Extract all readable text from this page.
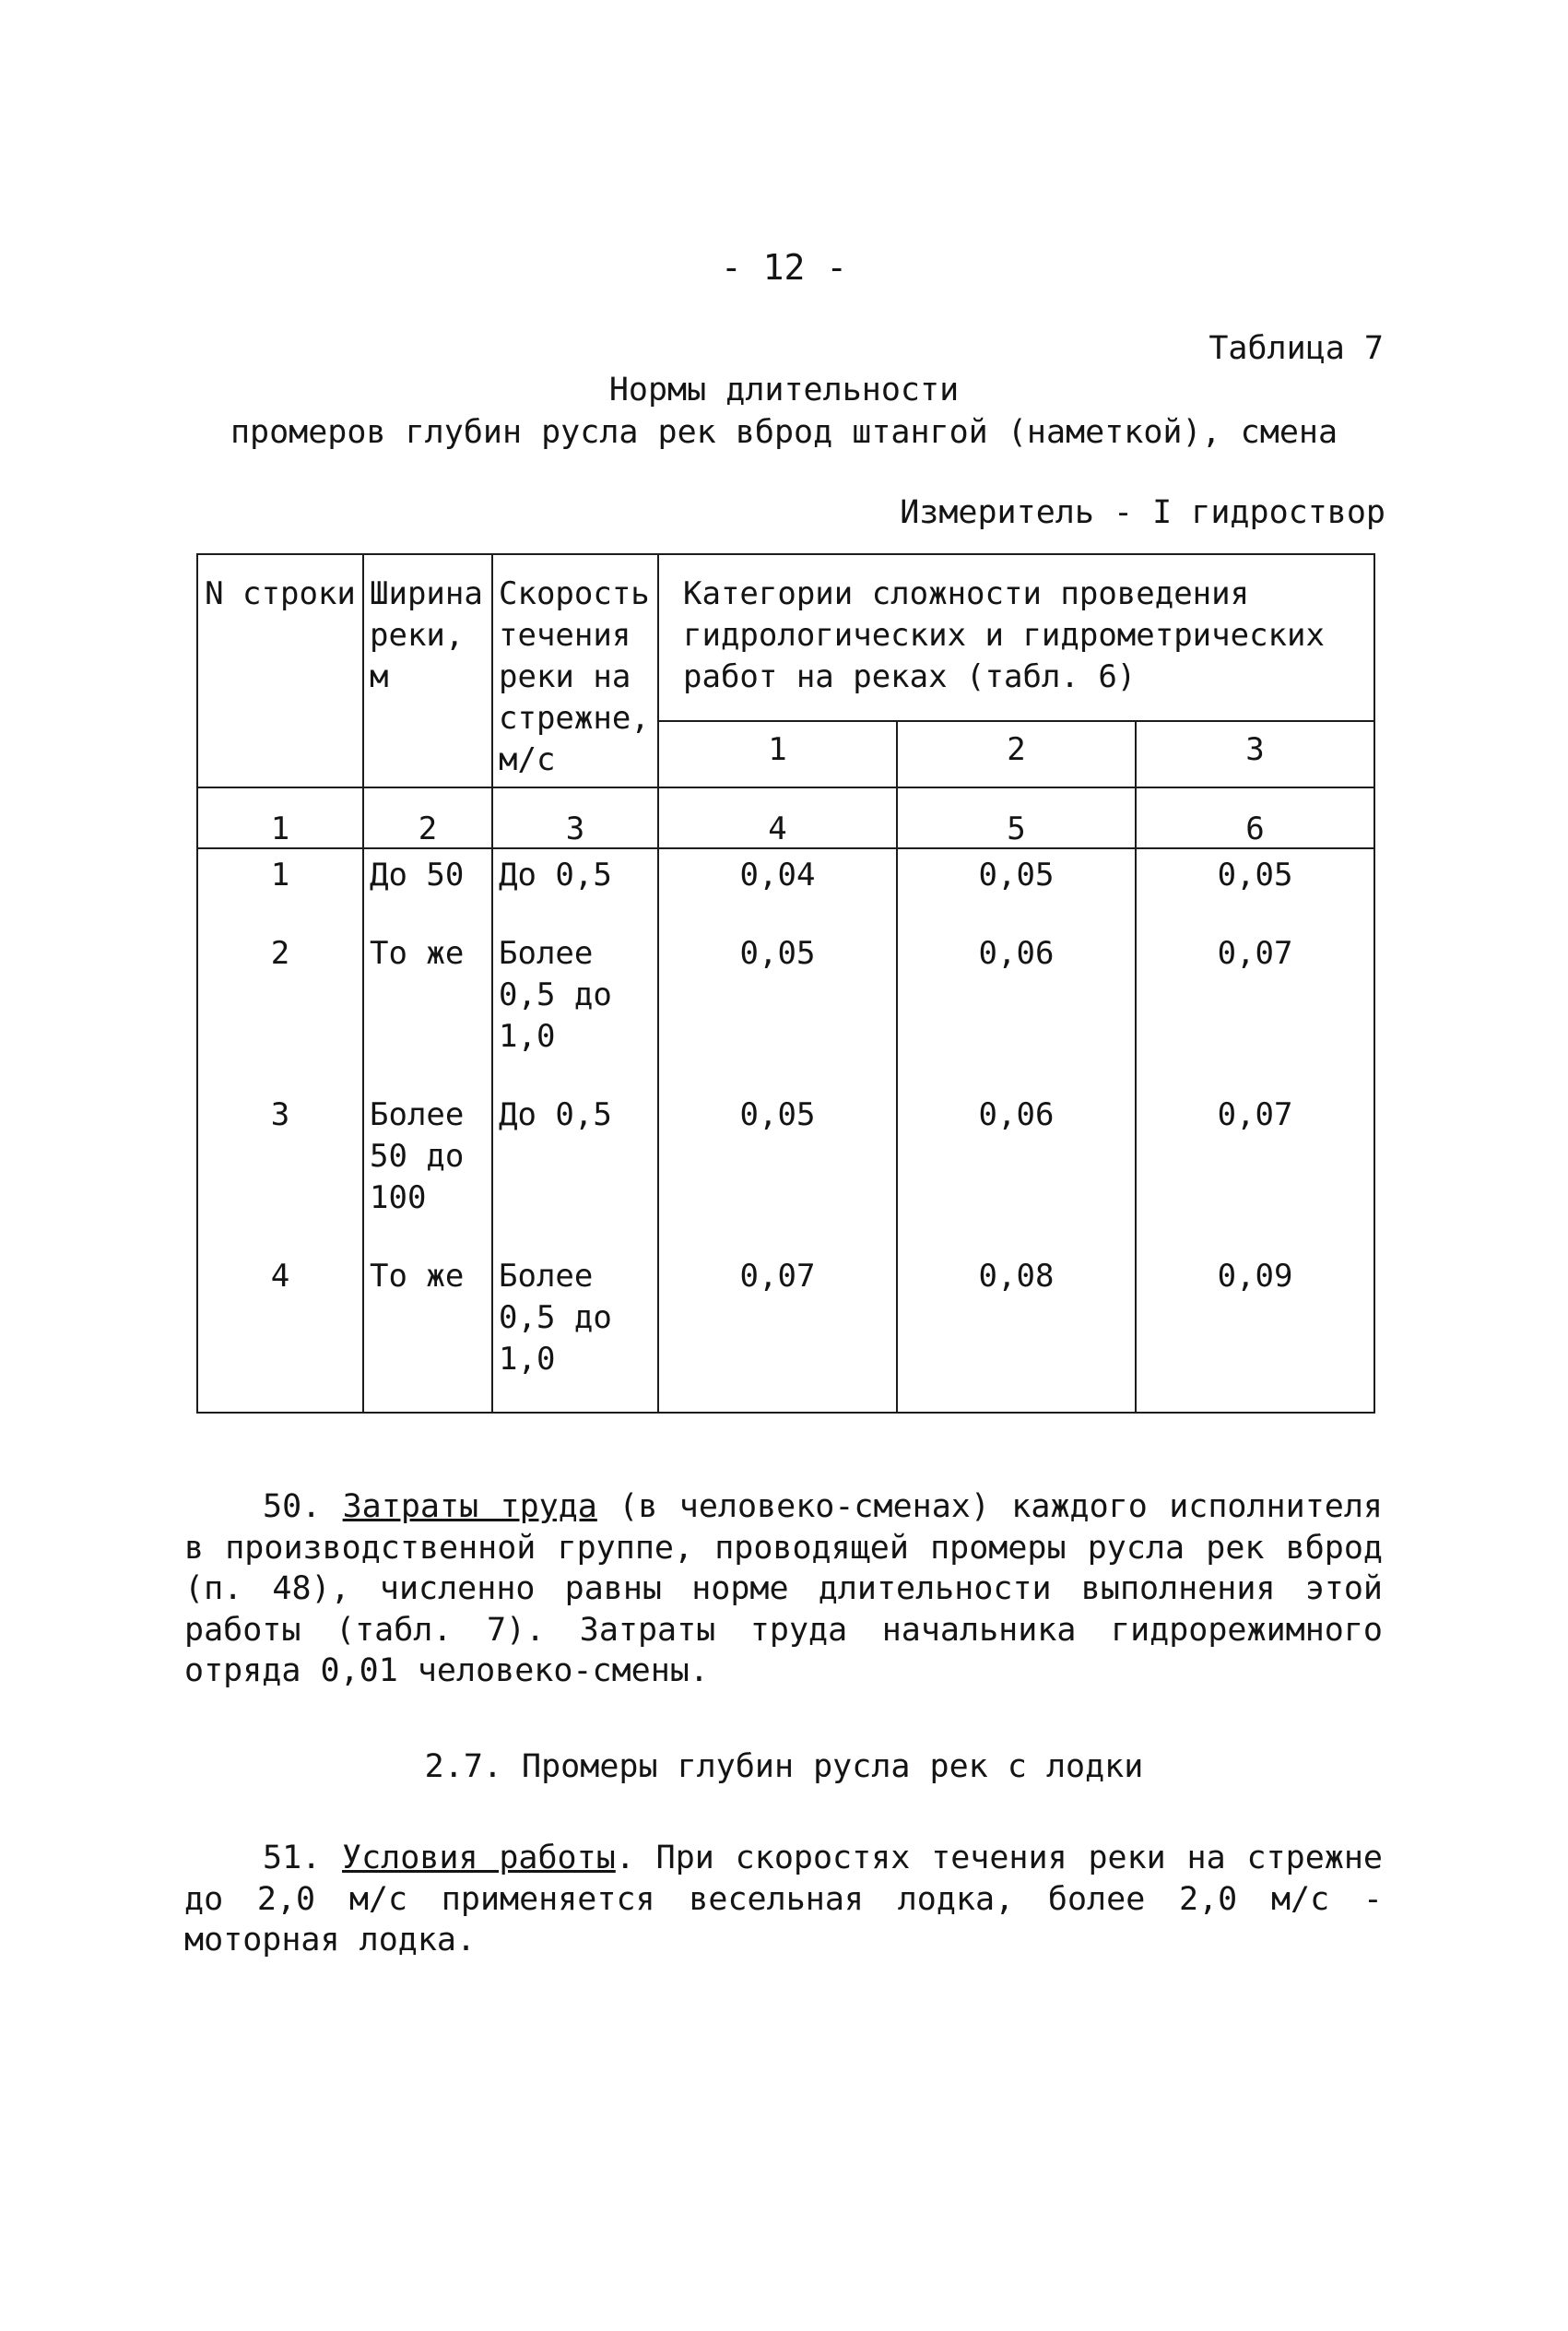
- 12 -
Таблица 7
Нормы длительности
промеров глубин русла рек вброд штангой (наметкой), смена
Измеритель - I гидроствор
N строки	Ширина реки, м	Скорость течения реки на стрежне, м/с	Категории сложности проведения гидрологических и гидрометрических работ на реках (табл. 6)		
			1	2	3
1	2	3	4	5	6
1	До 50	До 0,5	0,04	0,05	0,05
2	То же	Более 0,5 до 1,0	0,05	0,06	0,07
3	Более 50 до 100	До 0,5	0,05	0,06	0,07
4	То же	Более 0,5 до 1,0	0,07	0,08	0,09
50. Затраты труда (в человеко-сменах) каждого исполнителя в производственной группе, проводящей промеры русла рек вброд (п. 48), численно равны норме длительности выполнения этой работы (табл. 7). Затраты труда начальника гидрорежимного отряда 0,01 человеко-смены.
2.7. Промеры глубин русла рек с лодки
51. Условия работы. При скоростях течения реки на стрежне до 2,0 м/с применяется весельная лодка, более 2,0 м/с - моторная лодка.
